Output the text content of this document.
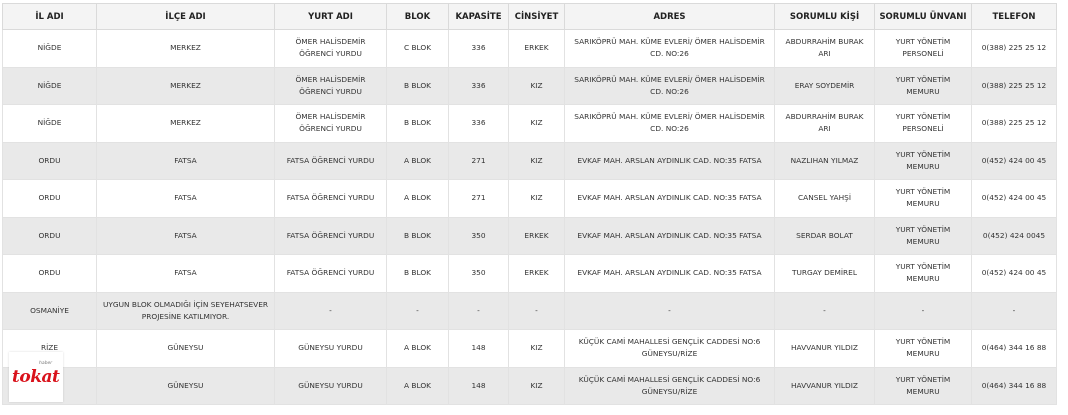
İL ADI	İLÇE ADI	YURT ADI	BLOK	KAPASİTE	CİNSİYET	ADRES	SORUMLU KİŞİ	SORUMLU ÜNVANI	TELEFON
NİĞDE	MERKEZ	ÖMER HALİSDEMİR ÖĞRENCİ YURDU	C BLOK	336	ERKEK	SARIKÖPRÜ MAH. KÜME EVLERİ/ ÖMER HALİSDEMİR CD. NO:26	ABDURRAHİM BURAK ARI	YURT YÖNETİM PERSONELİ	0(388) 225 25 12
NİĞDE	MERKEZ	ÖMER HALİSDEMİR ÖĞRENCİ YURDU	B BLOK	336	KIZ	SARIKÖPRÜ MAH. KÜME EVLERİ/ ÖMER HALİSDEMİR CD. NO:26	ERAY SOYDEMİR	YURT YÖNETİM MEMURU	0(388) 225 25 12
NİĞDE	MERKEZ	ÖMER HALİSDEMİR ÖĞRENCİ YURDU	B BLOK	336	KIZ	SARIKÖPRÜ MAH. KÜME EVLERİ/ ÖMER HALİSDEMİR CD. NO:26	ABDURRAHİM BURAK ARI	YURT YÖNETİM PERSONELİ	0(388) 225 25 12
ORDU	FATSA	FATSA ÖĞRENCİ YURDU	A BLOK	271	KIZ	EVKAF MAH. ARSLAN AYDINLIK CAD. NO:35 FATSA	NAZLIHAN YILMAZ	YURT YÖNETİM MEMURU	0(452) 424 00 45
ORDU	FATSA	FATSA ÖĞRENCİ YURDU	A BLOK	271	KIZ	EVKAF MAH. ARSLAN AYDINLIK CAD. NO:35 FATSA	CANSEL YAHŞİ	YURT YÖNETİM MEMURU	0(452) 424 00 45
ORDU	FATSA	FATSA ÖĞRENCİ YURDU	B BLOK	350	ERKEK	EVKAF MAH. ARSLAN AYDINLIK CAD. NO:35 FATSA	SERDAR BOLAT	YURT YÖNETİM MEMURU	0(452) 424 0045
ORDU	FATSA	FATSA ÖĞRENCİ YURDU	B BLOK	350	ERKEK	EVKAF MAH. ARSLAN AYDINLIK CAD. NO:35 FATSA	TURGAY DEMİREL	YURT YÖNETİM MEMURU	0(452) 424 00 45
OSMANİYE	UYGUN BLOK OLMADIĞI İÇİN SEYEHATSEVER PROJESİNE KATILMIYOR.	-	-	-	-	-	-	-	-
RİZE	GÜNEYSU	GÜNEYSU YURDU	A BLOK	148	KIZ	KÜÇÜK CAMİ MAHALLESİ GENÇLİK CADDESİ NO:6 GÜNEYSU/RİZE	HAVVANUR YILDIZ	YURT YÖNETİM MEMURU	0(464) 344 16 88
	GÜNEYSU	GÜNEYSU YURDU	A BLOK	148	KIZ	KÜÇÜK CAMİ MAHALLESİ GENÇLİK CADDESİ NO:6 GÜNEYSU/RİZE	HAVVANUR YILDIZ	YURT YÖNETİM MEMURU	0(464) 344 16 88
haber
tokat
